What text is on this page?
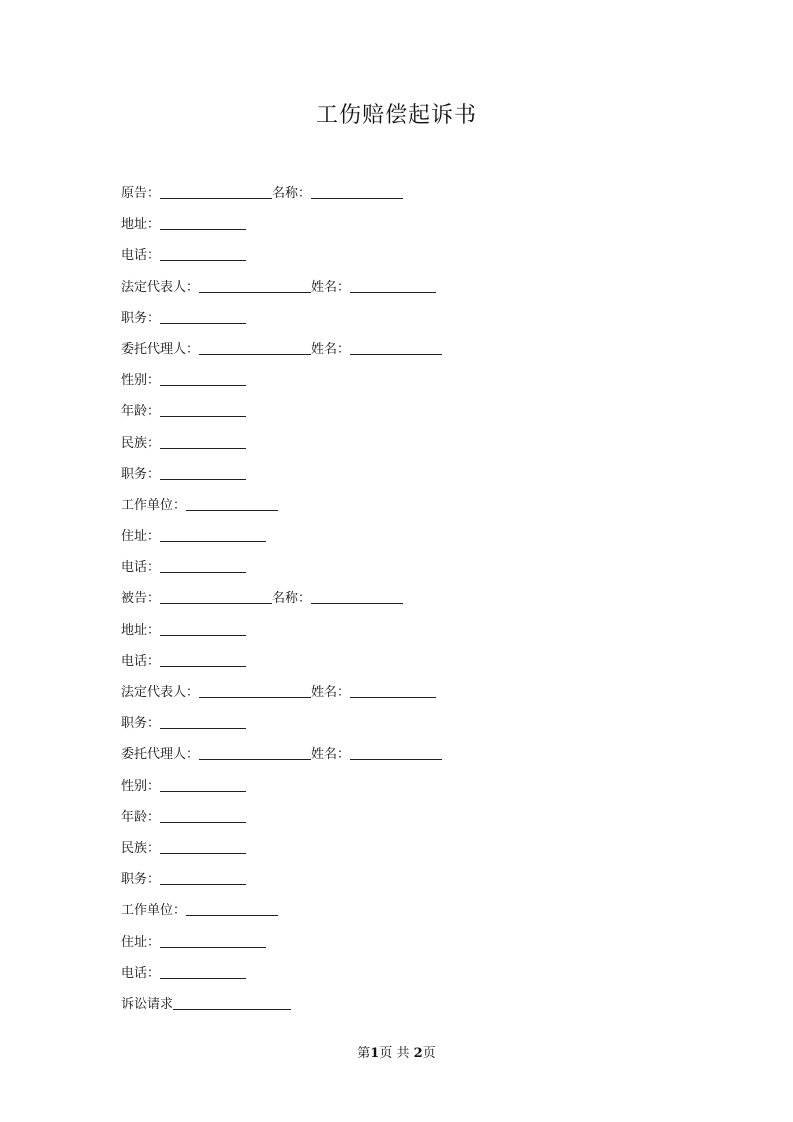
工伤赔偿起诉书
原告：	名称：
地址：
电话：
法定代表人：	姓名：
职务：
委托代理人：	姓名：
性别：
年龄：
民族：
职务：
工作单位：
住址：
电话：
被告：	名称：
地址：
电话：
法定代表人：	姓名：
职务：
委托代理人：	姓名：
性别：
年龄：
民族：
职务：
工作单位：
住址：
电话：
诉讼请求
第1页 共 2页
